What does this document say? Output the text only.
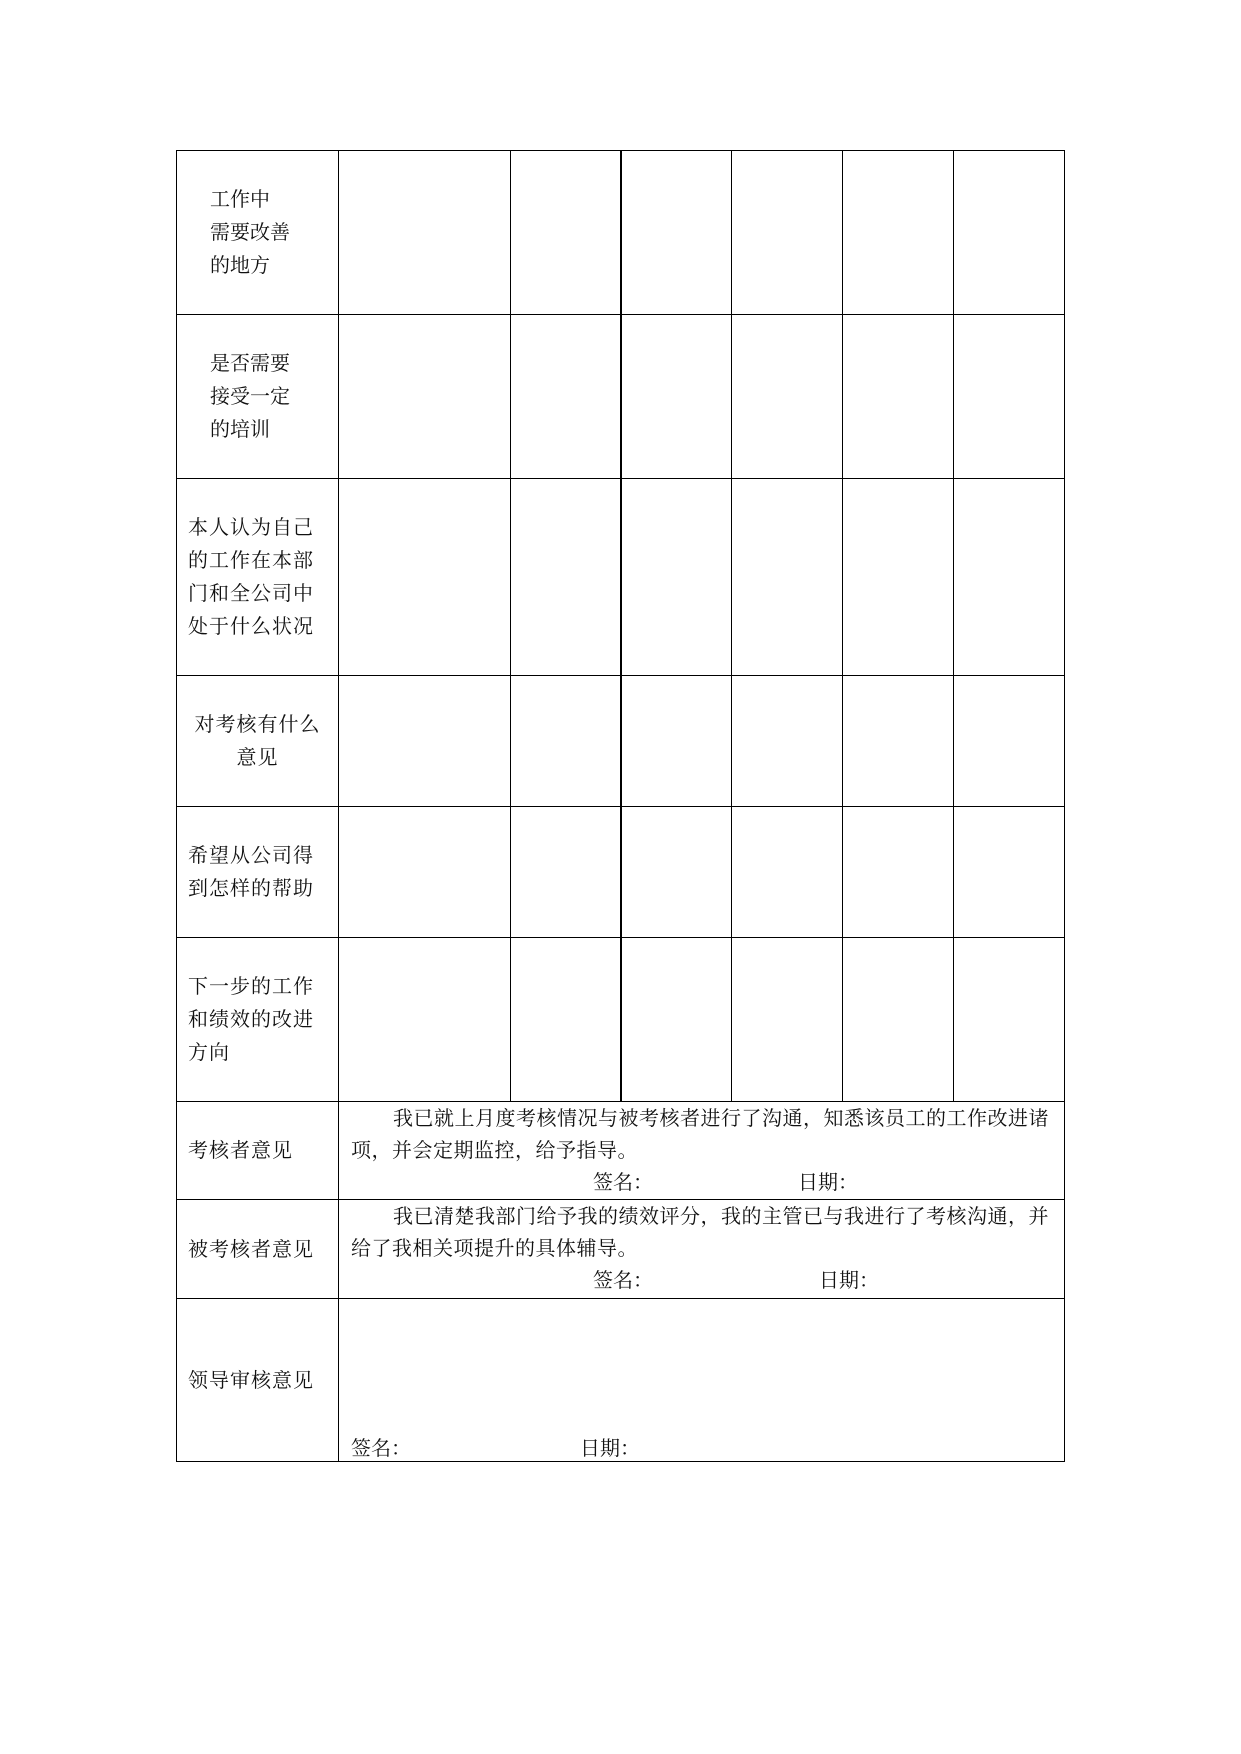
工作中
需要改善
的地方						

是否需要
接受一定
的培训						

本人认为自己
的工作在本部
门和全公司中
处于什么状况						

对考核有什么
意见						

希望从公司得
到怎样的帮助						

下一步的工作
和绩效的改进
方向						

考核者意见	我已就上月度考核情况与被考核者进行了沟通，知悉该员工的工作改进诸项，并会定期监控，给予指导。
签名： 日期：					

被考核者意见	我已清楚我部门给予我的绩效评分，我的主管已与我进行了考核沟通，并给了我相关项提升的具体辅导。
签名： 日期：					

领导审核意见	签名： 日期：					
